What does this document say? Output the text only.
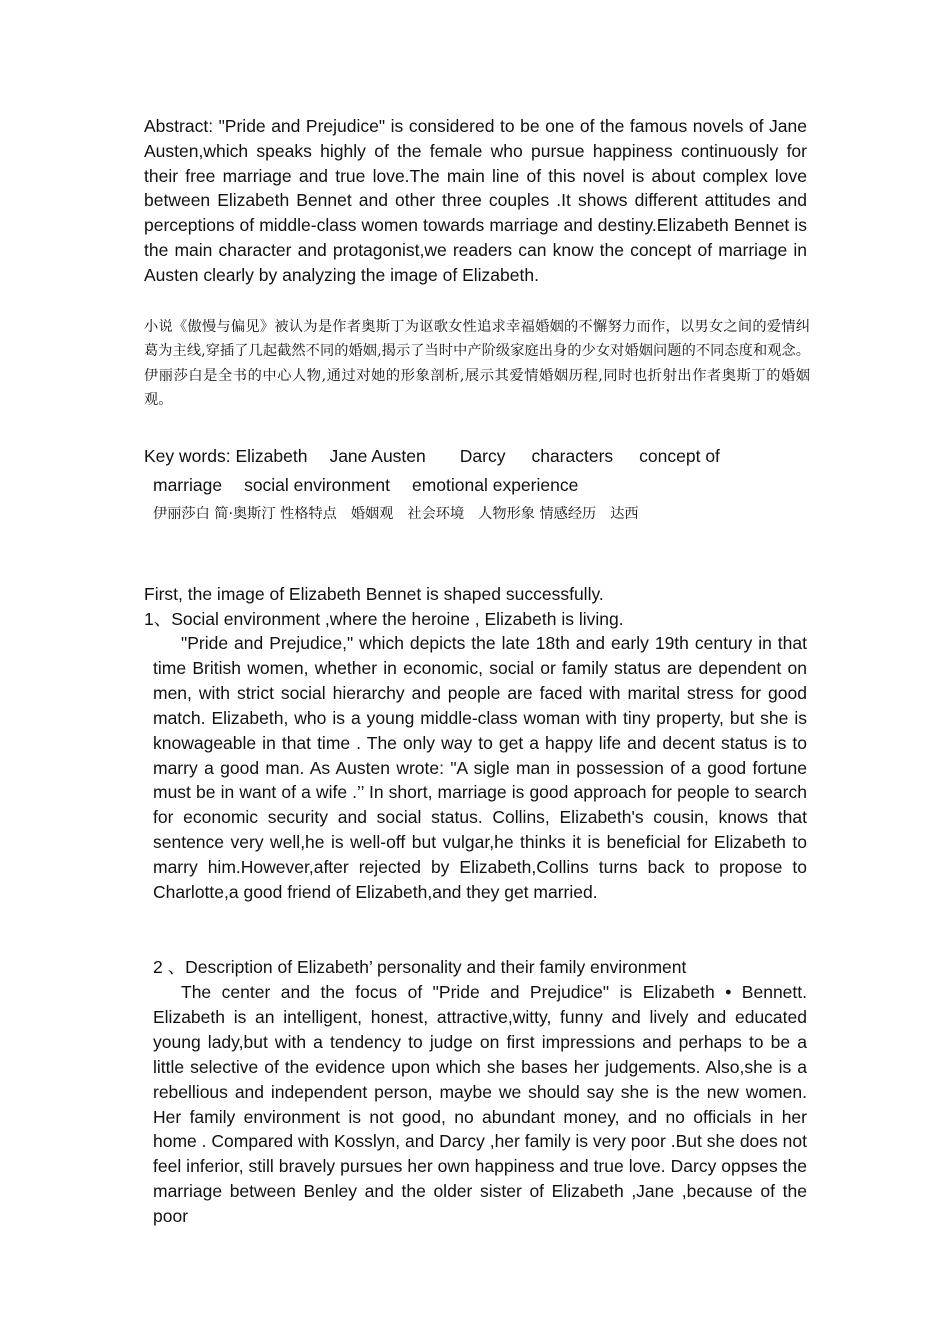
Abstract: "Pride and Prejudice" is considered to be one of the famous novels of Jane Austen,which speaks highly of the female who pursue happiness continuously for their free marriage and true love.The main line of this novel is about complex love between Elizabeth Bennet and other three couples .It shows different attitudes and perceptions of middle-class women towards marriage and destiny.Elizabeth Bennet is the main character and protagonist,we readers can know the concept of marriage in Austen clearly by analyzing the image of Elizabeth.

小说《傲慢与偏见》被认为是作者奥斯丁为讴歌女性追求幸福婚姻的不懈努力而作，以男女之间的爱情纠葛为主线,穿插了几起截然不同的婚姻,揭示了当时中产阶级家庭出身的少女对婚姻问题的不同态度和观念。伊丽莎白是全书的中心人物,通过对她的形象剖析,展示其爱情婚姻历程,同时也折射出作者奥斯丁的婚姻观。

Key words: Elizabeth Jane Austen Darcy characters concept of

marriage social environment emotional experience

伊丽莎白 简·奥斯汀 性格特点 婚姻观 社会环境 人物形象 情感经历 达西

First, the image of Elizabeth Bennet is shaped successfully.

1、Social environment ,where the heroine , Elizabeth is living.

"Pride and Prejudice," which depicts the late 18th and early 19th century in that time British women, whether in economic, social or family status are dependent on men, with strict social hierarchy and people are faced with marital stress for good match. Elizabeth, who is a young middle-class woman with tiny property, but she is knowageable in that time . The only way to get a happy life and decent status is to marry a good man. As Austen wrote: "A sigle man in possession of a good fortune must be in want of a wife .’’ In short, marriage is good approach for people to search for economic security and social status. Collins, Elizabeth's cousin, knows that sentence very well,he is well-off but vulgar,he thinks it is beneficial for Elizabeth to marry him.However,after rejected by Elizabeth,Collins turns back to propose to Charlotte,a good friend of Elizabeth,and they get married.

2 、Description of Elizabeth’ personality and their family environment

The center and the focus of "Pride and Prejudice" is Elizabeth • Bennett. Elizabeth is an intelligent, honest, attractive,witty, funny and lively and educated young lady,but with a tendency to judge on first impressions and perhaps to be a little selective of the evidence upon which she bases her judgements. Also,she is a rebellious and independent person, maybe we should say she is the new women. Her family environment is not good, no abundant money, and no officials in her home . Compared with Kosslyn, and Darcy ,her family is very poor .But she does not feel inferior, still bravely pursues her own happiness and true love. Darcy oppses the marriage between Benley and the older sister of Elizabeth ,Jane ,because of the poor
